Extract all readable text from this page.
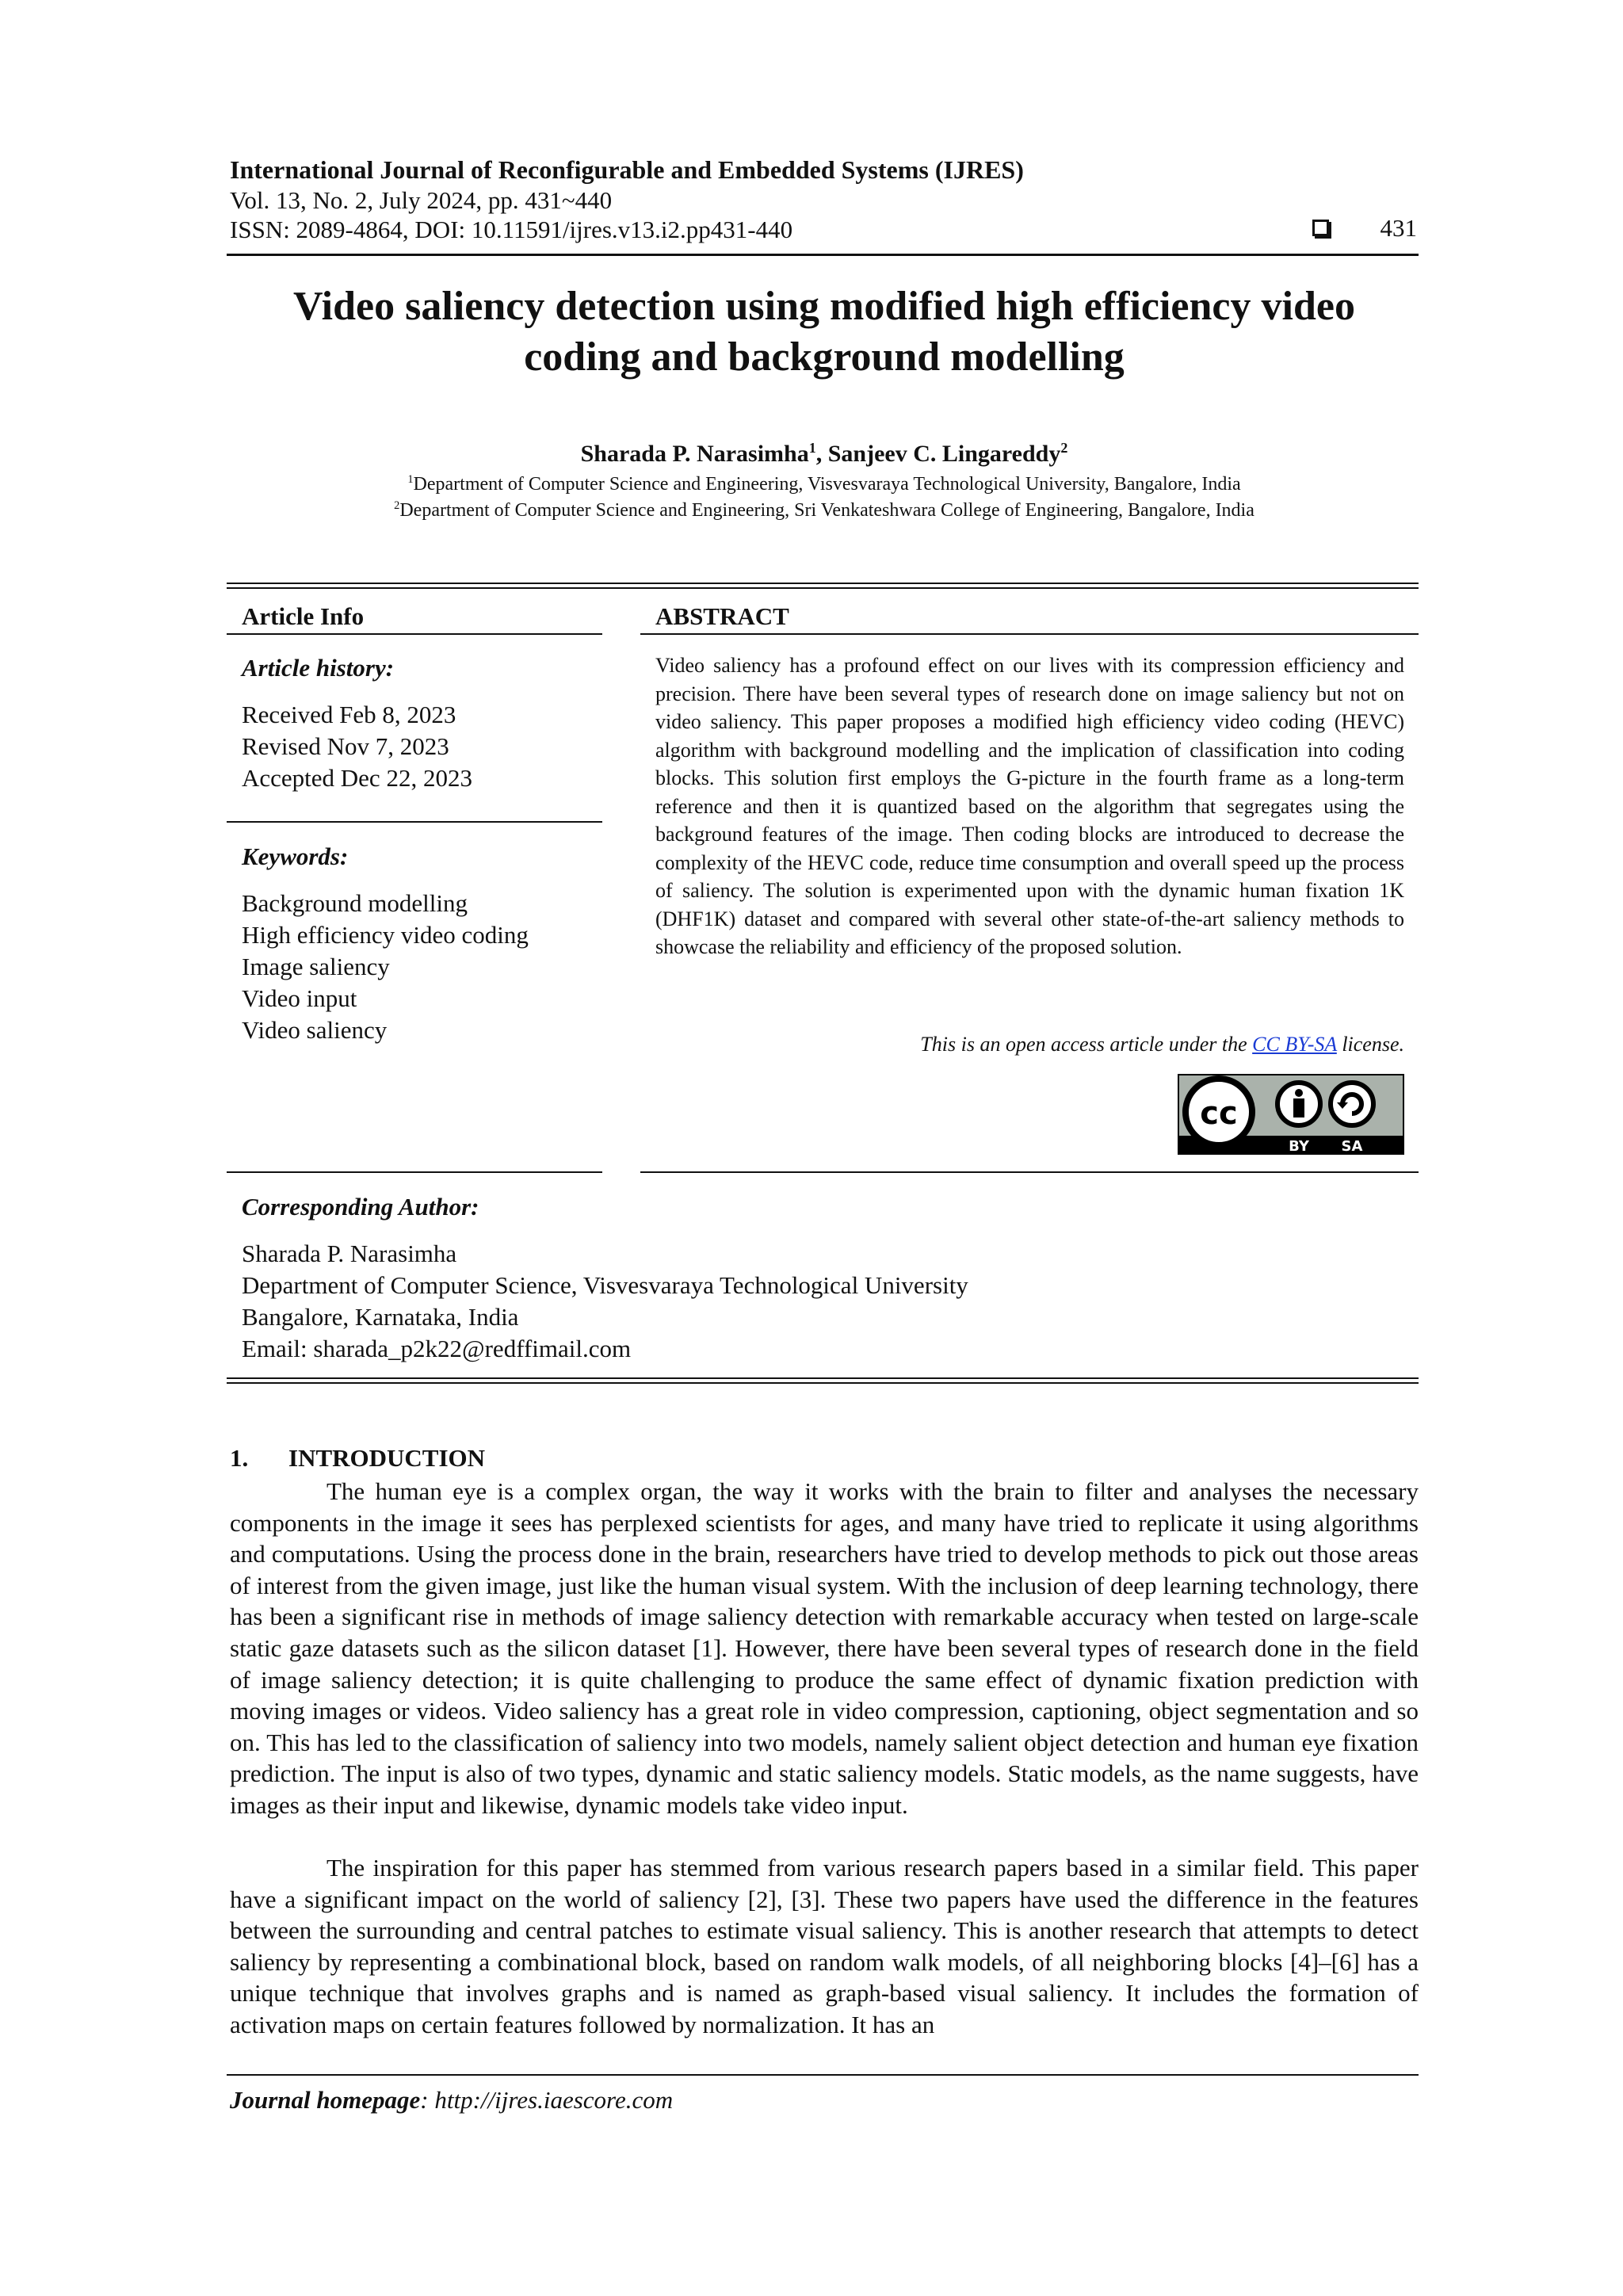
International Journal of Reconfigurable and Embedded Systems (IJRES)
Vol. 13, No. 2, July 2024, pp. 431~440
ISSN: 2089-4864, DOI: 10.11591/ijres.v13.i2.pp431-440	431
Video saliency detection using modified high efficiency video coding and background modelling
Sharada P. Narasimha$^1$, Sanjeev C. Lingareddy$^2$
$^1$Department of Computer Science and Engineering, Visvesvaraya Technological University, Bangalore, India
$^2$Department of Computer Science and Engineering, Sri Venkateshwara College of Engineering, Bangalore, India
Article Info
Article history:
Received Feb 8, 2023
Revised Nov 7, 2023
Accepted Dec 22, 2023
Keywords:
Background modelling
High efficiency video coding
Image saliency
Video input
Video saliency
ABSTRACT
Video saliency has a profound effect on our lives with its compression efficiency and precision. There have been several types of research done on image saliency but not on video saliency. This paper proposes a modified high efficiency video coding (HEVC) algorithm with background modelling and the implication of classification into coding blocks. This solution first employs the G-picture in the fourth frame as a long-term reference and then it is quantized based on the algorithm that segregates using the background features of the image. Then coding blocks are introduced to decrease the complexity of the HEVC code, reduce time consumption and overall speed up the process of saliency. The solution is experimented upon with the dynamic human fixation 1K (DHF1K) dataset and compared with several other state-of-the-art saliency methods to showcase the reliability and efficiency of the proposed solution.
This is an open access article under the CC BY-SA license.
cc
BY SA
Corresponding Author:
Sharada P. Narasimha
Department of Computer Science, Visvesvaraya Technological University
Bangalore, Karnataka, India
Email: sharada_p2k22@redffimail.com
1. INTRODUCTION

The human eye is a complex organ, the way it works with the brain to filter and analyses the necessary components in the image it sees has perplexed scientists for ages, and many have tried to replicate it using algorithms and computations. Using the process done in the brain, researchers have tried to develop methods to pick out those areas of interest from the given image, just like the human visual system. With the inclusion of deep learning technology, there has been a significant rise in methods of image saliency detection with remarkable accuracy when tested on large-scale static gaze datasets such as the silicon dataset [1]. However, there have been several types of research done in the field of image saliency detection; it is quite challenging to produce the same effect of dynamic fixation prediction with moving images or videos. Video saliency has a great role in video compression, captioning, object segmentation and so on. This has led to the classification of saliency into two models, namely salient object detection and human eye fixation prediction. The input is also of two types, dynamic and static saliency models. Static models, as the name suggests, have images as their input and likewise, dynamic models take video input.

The inspiration for this paper has stemmed from various research papers based in a similar field. This paper have a significant impact on the world of saliency [2], [3]. These two papers have used the difference in the features between the surrounding and central patches to estimate visual saliency. This is another research that attempts to detect saliency by representing a combinational block, based on random walk models, of all neighboring blocks [4]–[6] has a unique technique that involves graphs and is named as graph-based visual saliency. It includes the formation of activation maps on certain features followed by normalization. It has an

Journal homepage: http://ijres.iaescore.com
